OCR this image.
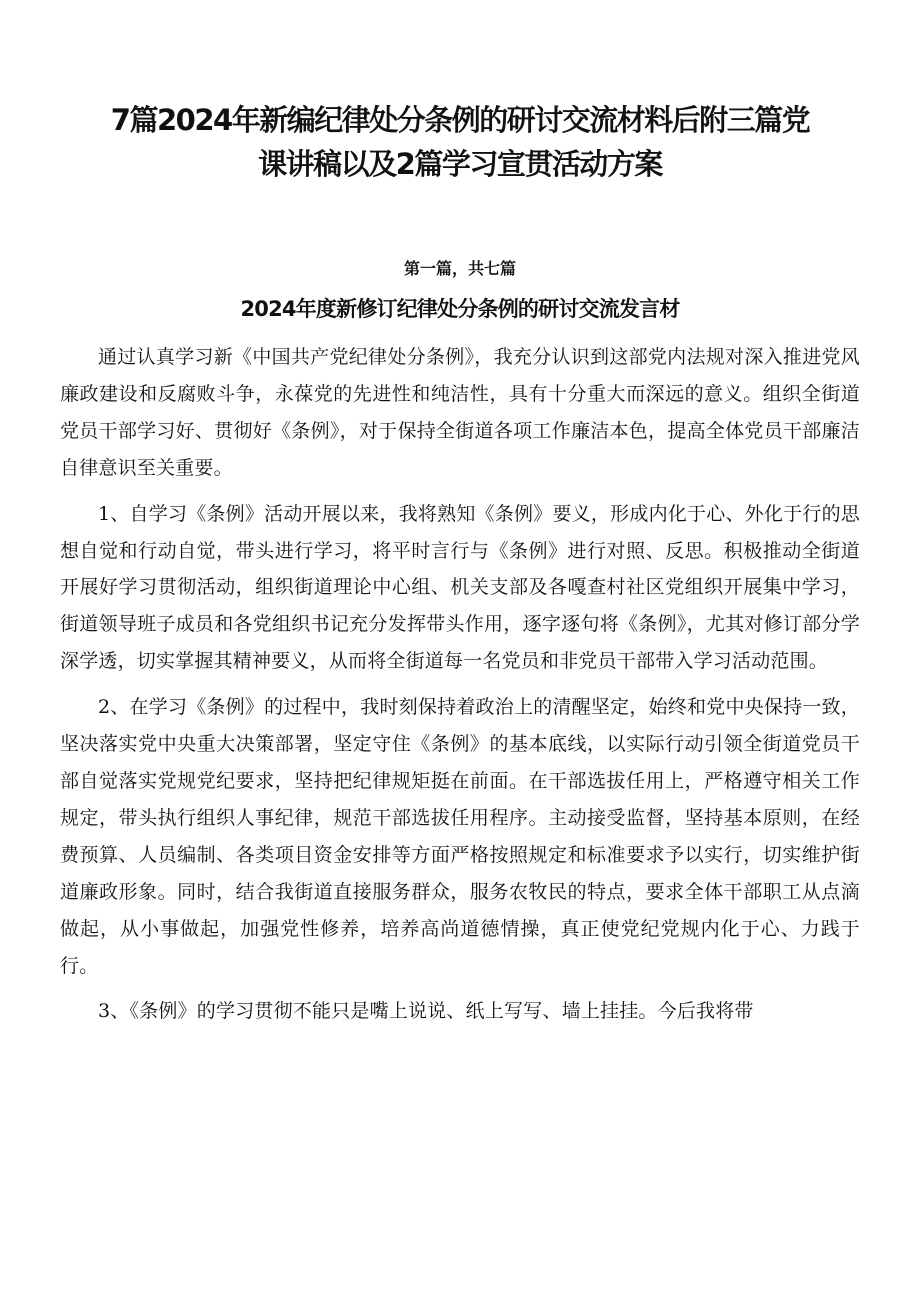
7篇2024年新编纪律处分条例的研讨交流材料后附三篇党课讲稿以及2篇学习宣贯活动方案
第一篇，共七篇
2024年度新修订纪律处分条例的研讨交流发言材

通过认真学习新《中国共产党纪律处分条例》，我充分认识到这部党内法规对深入推进党风廉政建设和反腐败斗争，永葆党的先进性和纯洁性，具有十分重大而深远的意义。组织全街道党员干部学习好、贯彻好《条例》，对于保持全街道各项工作廉洁本色，提高全体党员干部廉洁自律意识至关重要。

1、自学习《条例》活动开展以来，我将熟知《条例》要义，形成内化于心、外化于行的思想自觉和行动自觉，带头进行学习，将平时言行与《条例》进行对照、反思。积极推动全街道开展好学习贯彻活动，组织街道理论中心组、机关支部及各嘎查村社区党组织开展集中学习，街道领导班子成员和各党组织书记充分发挥带头作用，逐字逐句将《条例》，尤其对修订部分学深学透，切实掌握其精神要义，从而将全街道每一名党员和非党员干部带入学习活动范围。

2、在学习《条例》的过程中，我时刻保持着政治上的清醒坚定，始终和党中央保持一致，坚决落实党中央重大决策部署，坚定守住《条例》的基本底线，以实际行动引领全街道党员干部自觉落实党规党纪要求，坚持把纪律规矩挺在前面。在干部选拔任用上，严格遵守相关工作规定，带头执行组织人事纪律，规范干部选拔任用程序。主动接受监督，坚持基本原则，在经费预算、人员编制、各类项目资金安排等方面严格按照规定和标准要求予以实行，切实维护街道廉政形象。同时，结合我街道直接服务群众，服务农牧民的特点，要求全体干部职工从点滴做起，从小事做起，加强党性修养，培养高尚道德情操，真正使党纪党规内化于心、力践于行。

3、《条例》的学习贯彻不能只是嘴上说说、纸上写写、墙上挂挂。今后我将带
